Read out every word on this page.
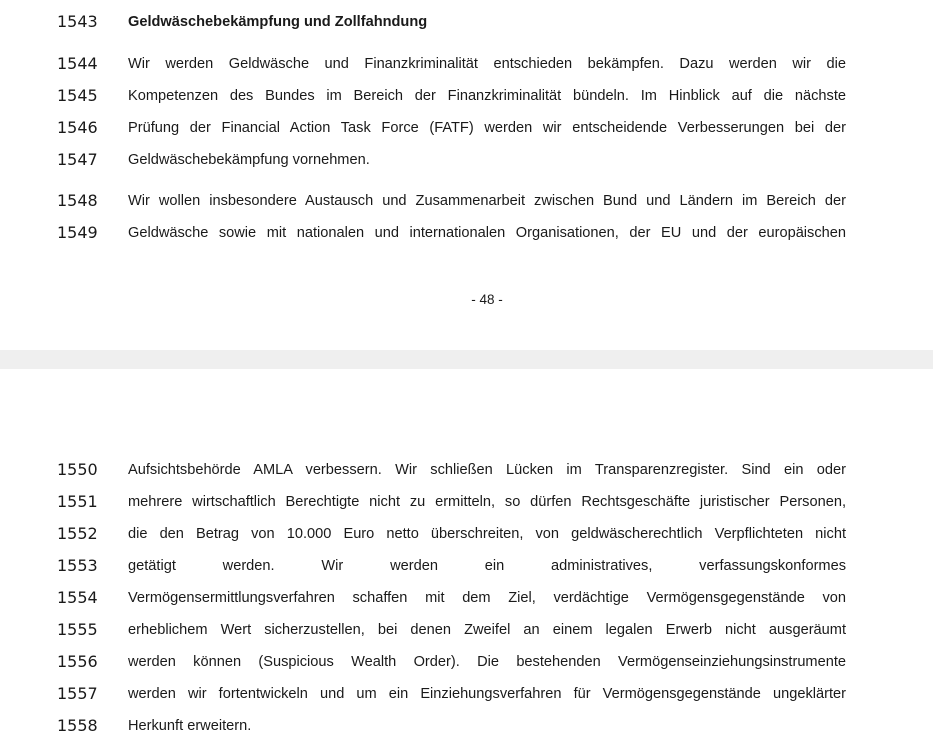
1543	Geldwäschebekämpfung und Zollfahndung
1544	Wir werden Geldwäsche und Finanzkriminalität entschieden bekämpfen. Dazu werden wir die
1545	Kompetenzen des Bundes im Bereich der Finanzkriminalität bündeln. Im Hinblick auf die nächste
1546	Prüfung der Financial Action Task Force (FATF) werden wir entscheidende Verbesserungen bei der
1547	Geldwäschebekämpfung vornehmen.
1548	Wir wollen insbesondere Austausch und Zusammenarbeit zwischen Bund und Ländern im Bereich der
1549	Geldwäsche sowie mit nationalen und internationalen Organisationen, der EU und der europäischen
- 48 -
1550	Aufsichtsbehörde AMLA verbessern. Wir schließen Lücken im Transparenzregister. Sind ein oder
1551	mehrere wirtschaftlich Berechtigte nicht zu ermitteln, so dürfen Rechtsgeschäfte juristischer Personen,
1552	die den Betrag von 10.000 Euro netto überschreiten, von geldwäscherechtlich Verpflichteten nicht
1553	getätigt werden. Wir werden ein administratives, verfassungskonformes
1554	Vermögensermittlungsverfahren schaffen mit dem Ziel, verdächtige Vermögensgegenstände von
1555	erheblichem Wert sicherzustellen, bei denen Zweifel an einem legalen Erwerb nicht ausgeräumt
1556	werden können (Suspicious Wealth Order). Die bestehenden Vermögenseinziehungsinstrumente
1557	werden wir fortentwickeln und um ein Einziehungsverfahren für Vermögensgegenstände ungeklärter
1558	Herkunft erweitern.
